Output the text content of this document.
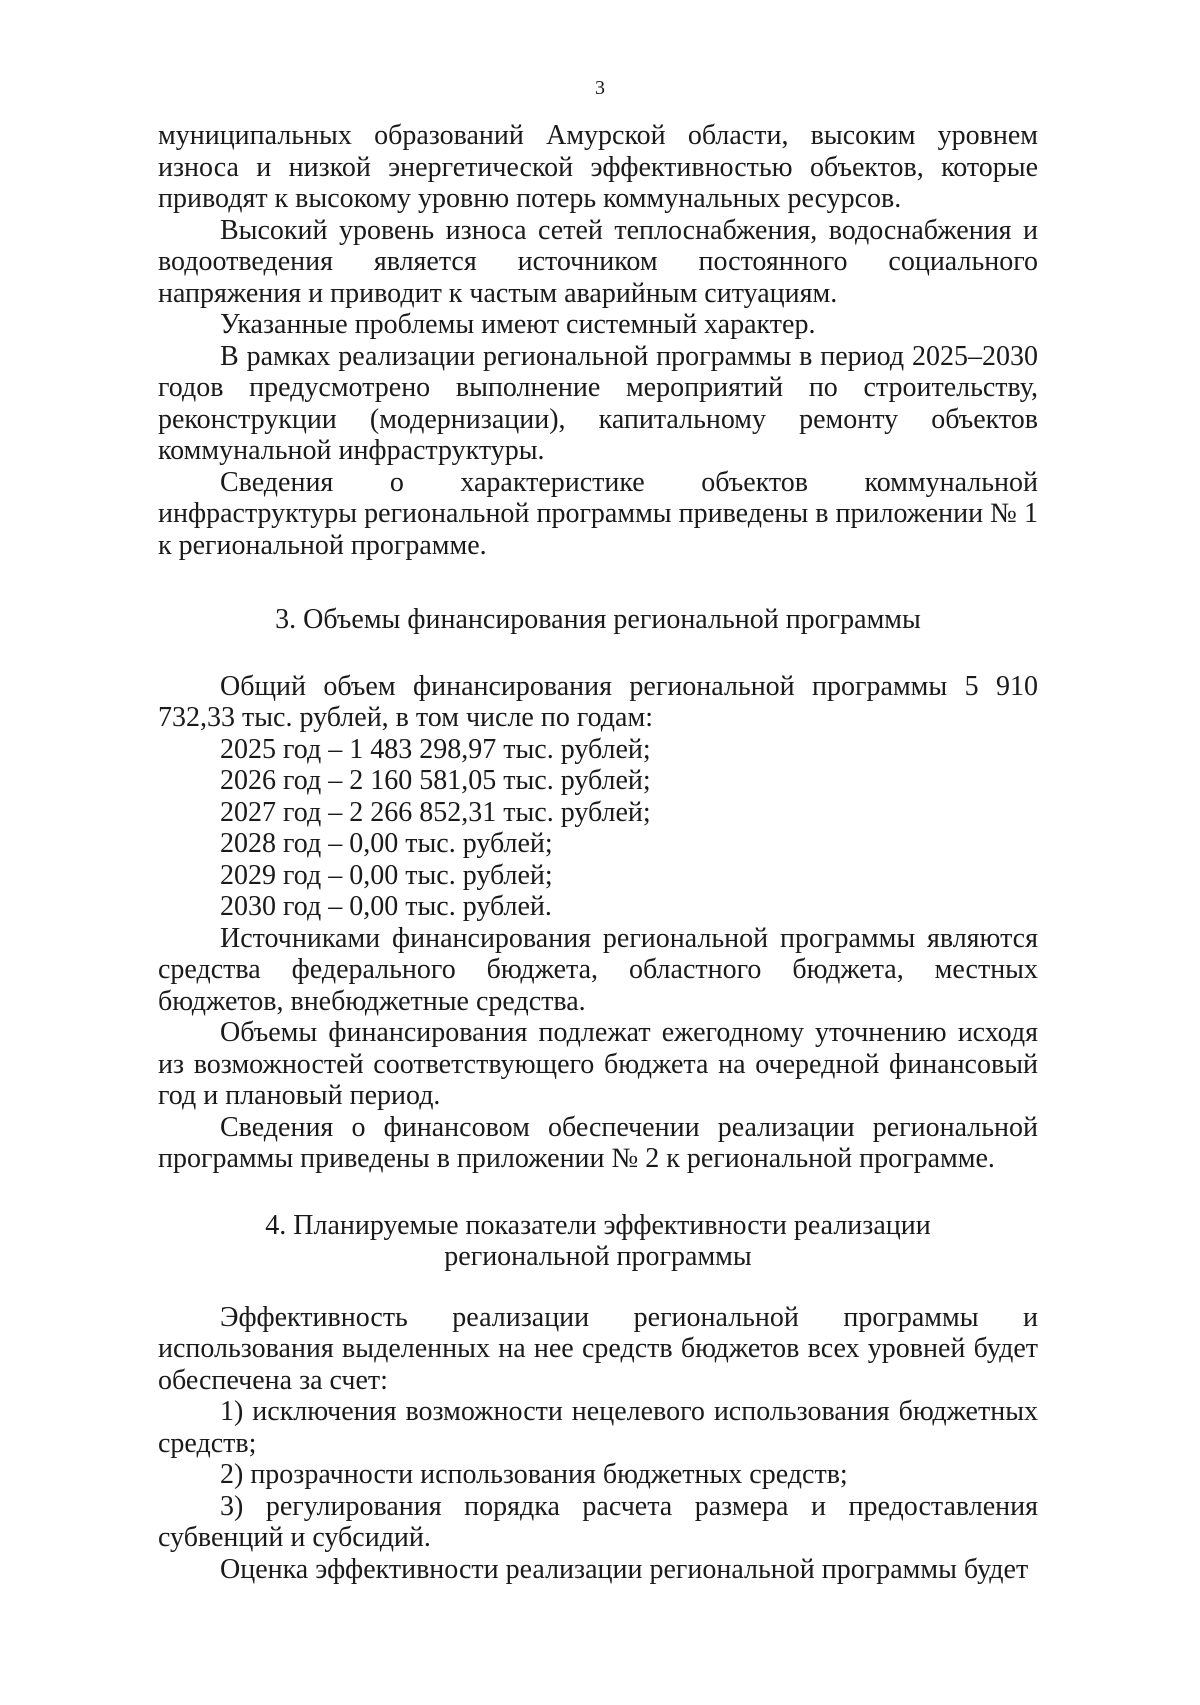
3

муниципальных образований Амурской области, высоким уровнем износа и низкой энергетической эффективностью объектов, которые приводят к высокому уровню потерь коммунальных ресурсов.

Высокий уровень износа сетей теплоснабжения, водоснабжения и водоотведения является источником постоянного социального напряжения и приводит к частым аварийным ситуациям.

Указанные проблемы имеют системный характер.

В рамках реализации региональной программы в период 2025–2030 годов предусмотрено выполнение мероприятий по строительству, реконструкции (модернизации), капитальному ремонту объектов коммунальной инфраструктуры.

Сведения о характеристике объектов коммунальной инфраструктуры региональной программы приведены в приложении № 1 к региональной программе.

3. Объемы финансирования региональной программы

Общий объем финансирования региональной программы 5 910 732,33 тыс. рублей, в том числе по годам:

2025 год – 1 483 298,97 тыс. рублей;
2026 год – 2 160 581,05 тыс. рублей;
2027 год – 2 266 852,31 тыс. рублей;
2028 год – 0,00 тыс. рублей;
2029 год – 0,00 тыс. рублей;
2030 год – 0,00 тыс. рублей.

Источниками финансирования региональной программы являются средства федерального бюджета, областного бюджета, местных бюджетов, внебюджетные средства.

Объемы финансирования подлежат ежегодному уточнению исходя из возможностей соответствующего бюджета на очередной финансовый год и плановый период.

Сведения о финансовом обеспечении реализации региональной программы приведены в приложении № 2 к региональной программе.

4. Планируемые показатели эффективности реализации
региональной программы

Эффективность реализации региональной программы и использования выделенных на нее средств бюджетов всех уровней будет обеспечена за счет:

1) исключения возможности нецелевого использования бюджетных средств;

2) прозрачности использования бюджетных средств;

3) регулирования порядка расчета размера и предоставления субвенций и субсидий.

Оценка эффективности реализации региональной программы будет
